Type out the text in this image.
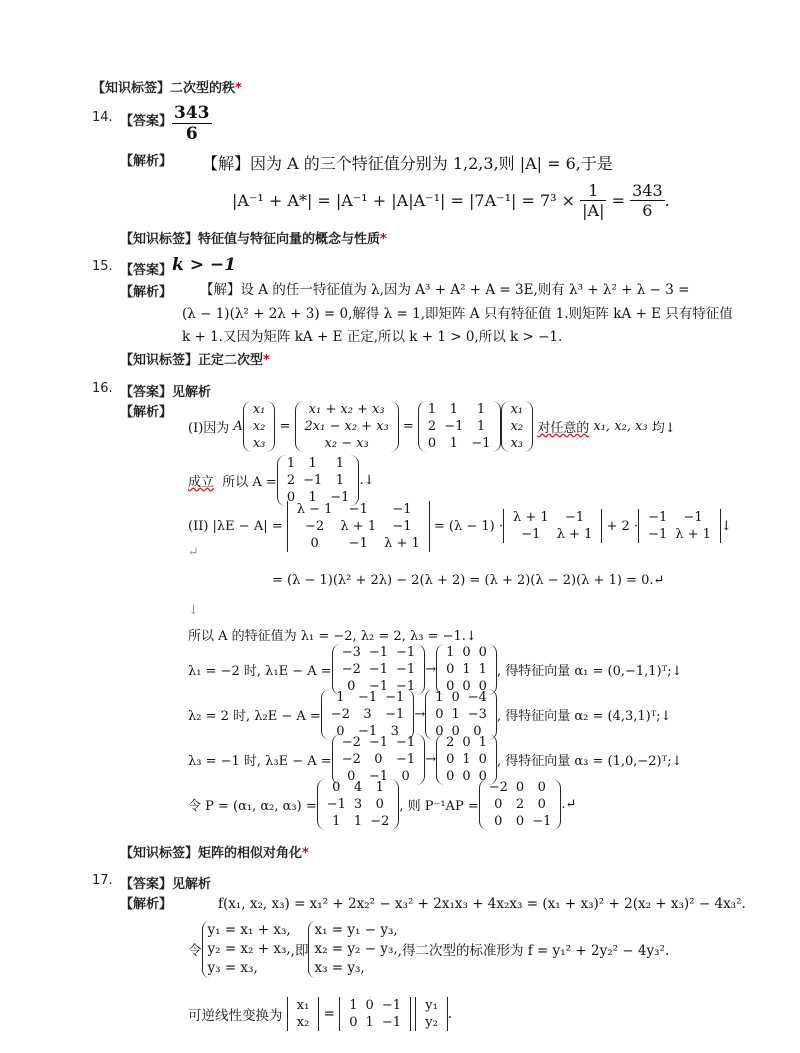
【知识标签】二次型的秩*
14. 【答案】 $\frac{343}{6}$
【解析】 【解】因为 A 的三个特征值分别为 1,2,3,则 |A| = 6,于是
|A⁻¹ + A*| = |A⁻¹ + |A|A⁻¹| = |7A⁻¹| = 7³ ×
$\frac{1}{|A|}$
=
$\frac{343}{6}$ .
【知识标签】特征值与特征向量的概念与性质*
15. 【答案】 k > −1
【解析】 【解】设 A 的任一特征值为 λ,因为 A³ + A² + A = 3E,则有 λ³ + λ² + λ − 3 =
(λ − 1)(λ² + 2λ + 3) = 0,解得 λ = 1,即矩阵 A 只有特征值 1.则矩阵 kA + E 只有特征值
k + 1.又因为矩阵 kA + E 正定,所以 k + 1 > 0,所以 k > −1.
【知识标签】正定二次型*
16. 【答案】 见解析
【解析】
(I)因为
A
x₁
x₂
x₃
=
x₁ + x₂ + x₃
2x₁ − x₂ + x₃
x₂ − x₃
=
1	1	1
2	−1	1
0	1	−1
x₁
x₂
x₃

对任意的
x₁, x₂, x₃
均↓
成立
所以 A =
1	1	1
2	−1	1
0	1	−1
.↓
(II) |λE − A| =

λ − 1	−1	−1
−2	λ + 1	−1
0	−1	λ + 1

= (λ − 1) ·
λ + 1	−1
−1	λ + 1

+ 2 ·
−1	−1
−1	λ + 1
↓
↵
= (λ − 1)(λ² + 2λ) − 2(λ + 2) = (λ + 2)(λ − 2)(λ + 1) = 0.↵
↓
所以 A 的特征值为 λ₁ = −2, λ₂ = 2, λ₃ = −1.↓
λ₁ = −2 时, λ₁E − A =
−3	−1	−1
−2	−1	−1
0	−1	−1
→
1	0	0
0	1	1
0	0	0
, 得特征向量 α₁ = (0,−1,1)ᵀ;↓
λ₂ = 2 时, λ₂E − A =
1	−1	−1
−2	3	−1
0	−1	3
→
1	0	−4
0	1	−3
0	0	0
, 得特征向量 α₂ = (4,3,1)ᵀ;↓
λ₃ = −1 时, λ₃E − A =
−2	−1	−1
−2	0	−1
0	−1	0
→
2	0	1
0	1	0
0	0	0
, 得特征向量 α₃ = (1,0,−2)ᵀ;↓
令 P = (α₁, α₂, α₃) =
0	4	1
−1	3	0
1	1	−2
, 则 P⁻¹AP =
−2	0	0
0	2	0
0	0	−1
.↵
【知识标签】矩阵的相似对角化*
17. 【答案】 见解析
【解析】	f(x₁, x₂, x₃) = x₁² + 2x₂² − x₃² + 2x₁x₃ + 4x₂x₃ = (x₁ + x₃)² + 2(x₂ + x₃)² − 4x₃².
令
y₁ = x₁ + x₃,
y₂ = x₂ + x₃,
y₃ = x₃,
,即
x₁ = y₁ − y₃,
x₂ = y₂ − y₃,
x₃ = y₃,
,得二次型的标准形为 f = y₁² + 2y₂² − 4y₃².
可逆线性变换为

x₁
x₂
=
1	0	−1
0	1	−1

y₁
y₂
.
